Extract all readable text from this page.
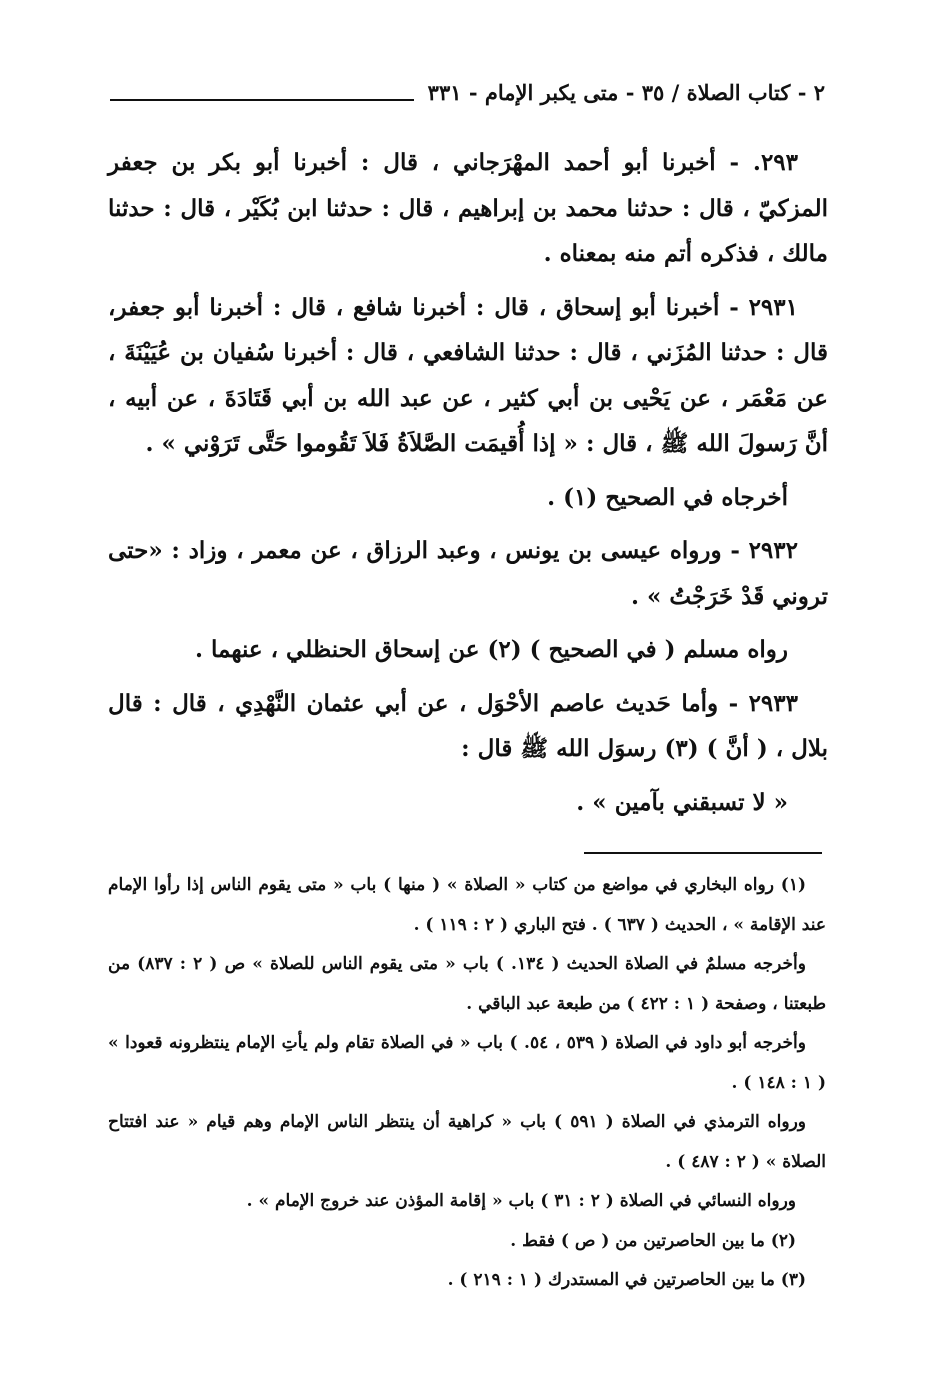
٢ - كتاب الصلاة / ٣٥ - متى يكبر الإمام - ٣٣١

٢٩٣. - أخبرنا أبو أحمد المهْرَجاني ، قال : أخبرنا أبو بكر بن جعفر المزكيّ ، قال : حدثنا محمد بن إبراهيم ، قال : حدثنا ابن بُكَيْر ، قال : حدثنا مالك ، فذكره أتم منه بمعناه .

٢٩٣١ - أخبرنا أبو إسحاق ، قال : أخبرنا شافع ، قال : أخبرنا أبو جعفر، قال : حدثنا المُزَني ، قال : حدثنا الشافعي ، قال : أخبرنا سُفيان بن عُيَيْنَةَ ، عن مَعْمَر ، عن يَحْيى بن أبي كثير ، عن عبد الله بن أبي قَتَادَةَ ، عن أبيه ، أنَّ رَسولَ الله ﷺ ، قال : « إذا أُقيمَت الصَّلاَةُ فَلاَ تَقُوموا حَتَّى تَرَوْني » .

أخرجاه في الصحيح (١) .

٢٩٣٢ - ورواه عيسى بن يونس ، وعبد الرزاق ، عن معمر ، وزاد : «حتى تروني قَدْ خَرَجْتُ » .

رواه مسلم ( في الصحيح ) (٢) عن إسحاق الحنظلي ، عنهما .

٢٩٣٣ - وأما حَديث عاصم الأحْوَل ، عن أبي عثمان النَّهْدِي ، قال : قال بلال ، ( أنَّ ) (٣) رسوَل الله ﷺ قال :

« لا تسبقني بآمين » .

(١) رواه البخاري في مواضع من كتاب « الصلاة » ( منها ) باب « متى يقوم الناس إذا رأوا الإمام عند الإقامة » ، الحديث ( ٦٣٧ ) . فتح الباري ( ٢ : ١١٩ ) .

وأخرجه مسلمٌ في الصلاة الحديث ( ١٣٤. ) باب « متى يقوم الناس للصلاة » ص ( ٢ : ٨٣٧) من طبعتنا ، وصفحة ( ١ : ٤٢٢ ) من طبعة عبد الباقي .

وأخرجه أبو داود في الصلاة ( ٥٣٩ ، ٥٤. ) باب « في الصلاة تقام ولم يأتِ الإمام ينتظرونه قعودا » ( ١ : ١٤٨ ) .

ورواه الترمذي في الصلاة ( ٥٩١ ) باب « كراهية أن ينتظر الناس الإمام وهم قيام « عند افتتاح الصلاة » ( ٢ : ٤٨٧ ) .

ورواه النسائي في الصلاة ( ٢ : ٣١ ) باب « إقامة المؤذن عند خروج الإمام » .

(٢) ما بين الحاصرتين من ( ص ) فقط .

(٣) ما بين الحاصرتين في المستدرك ( ١ : ٢١٩ ) .
